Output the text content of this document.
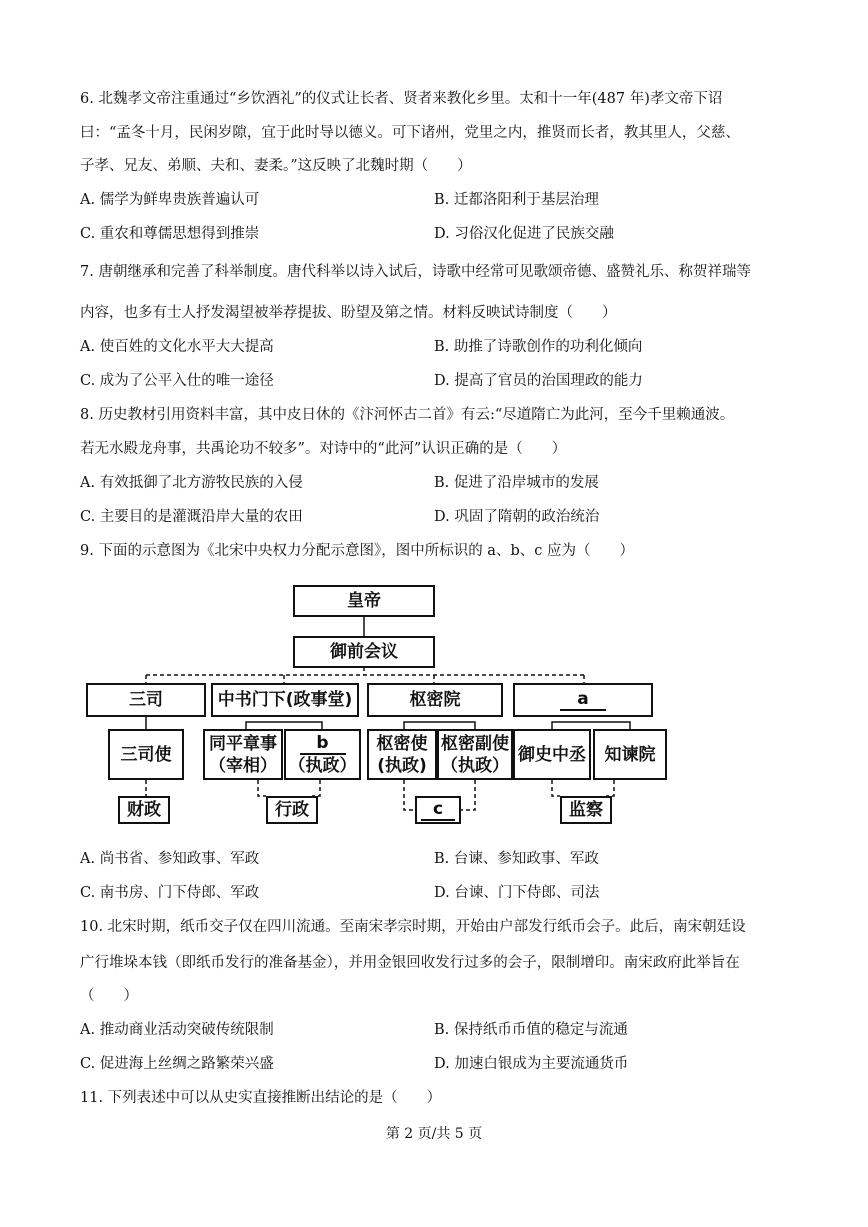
6. 北魏孝文帝注重通过“乡饮酒礼”的仪式让长者、贤者来教化乡里。太和十一年(487 年)孝文帝下诏
曰：“孟冬十月，民闲岁隙，宜于此时导以德义。可下诸州，党里之内，推贤而长者，教其里人，父慈、
子孝、兄友、弟顺、夫和、妻柔。”这反映了北魏时期（　　）
A. 儒学为鲜卑贵族普遍认可	B. 迁都洛阳利于基层治理
C. 重农和尊儒思想得到推崇	D. 习俗汉化促进了民族交融
7. 唐朝继承和完善了科举制度。唐代科举以诗入试后，诗歌中经常可见歌颂帝德、盛赞礼乐、称贺祥瑞等
内容，也多有士人抒发渴望被举荐提拔、盼望及第之情。材料反映试诗制度（　　）
A. 使百姓的文化水平大大提高	B. 助推了诗歌创作的功利化倾向
C. 成为了公平入仕的唯一途径	D. 提高了官员的治国理政的能力
8. 历史教材引用资料丰富，其中皮日休的《汴河怀古二首》有云:“尽道隋亡为此河，至今千里赖通波。
若无水殿龙舟事，共禹论功不较多”。对诗中的“此河”认识正确的是（　　）
A. 有效抵御了北方游牧民族的入侵	B. 促进了沿岸城市的发展
C. 主要目的是灌溉沿岸大量的农田	D. 巩固了隋朝的政治统治
9. 下面的示意图为《北宋中央权力分配示意图》，图中所标识的 a、b、c 应为（　　）
皇帝
御前会议
三司	中书门下(政事堂)	枢密院	a
三司使
同平章事
（宰相）
b
（执政）
枢密使
(执政)
枢密副使
（执政）
御史中丞 知谏院
财政	行政	c	监察
A. 尚书省、参知政事、军政	B. 台谏、参知政事、军政
C. 南书房、门下侍郎、军政	D. 台谏、门下侍郎、司法
10. 北宋时期，纸币交子仅在四川流通。至南宋孝宗时期，开始由户部发行纸币会子。此后，南宋朝廷设
广行堆垛本钱（即纸币发行的准备基金），并用金银回收发行过多的会子，限制增印。南宋政府此举旨在
（　　）
A. 推动商业活动突破传统限制	B. 保持纸币币值的稳定与流通
C. 促进海上丝绸之路繁荣兴盛	D. 加速白银成为主要流通货币
11. 下列表述中可以从史实直接推断出结论的是（　　）
第 2 页/共 5 页
